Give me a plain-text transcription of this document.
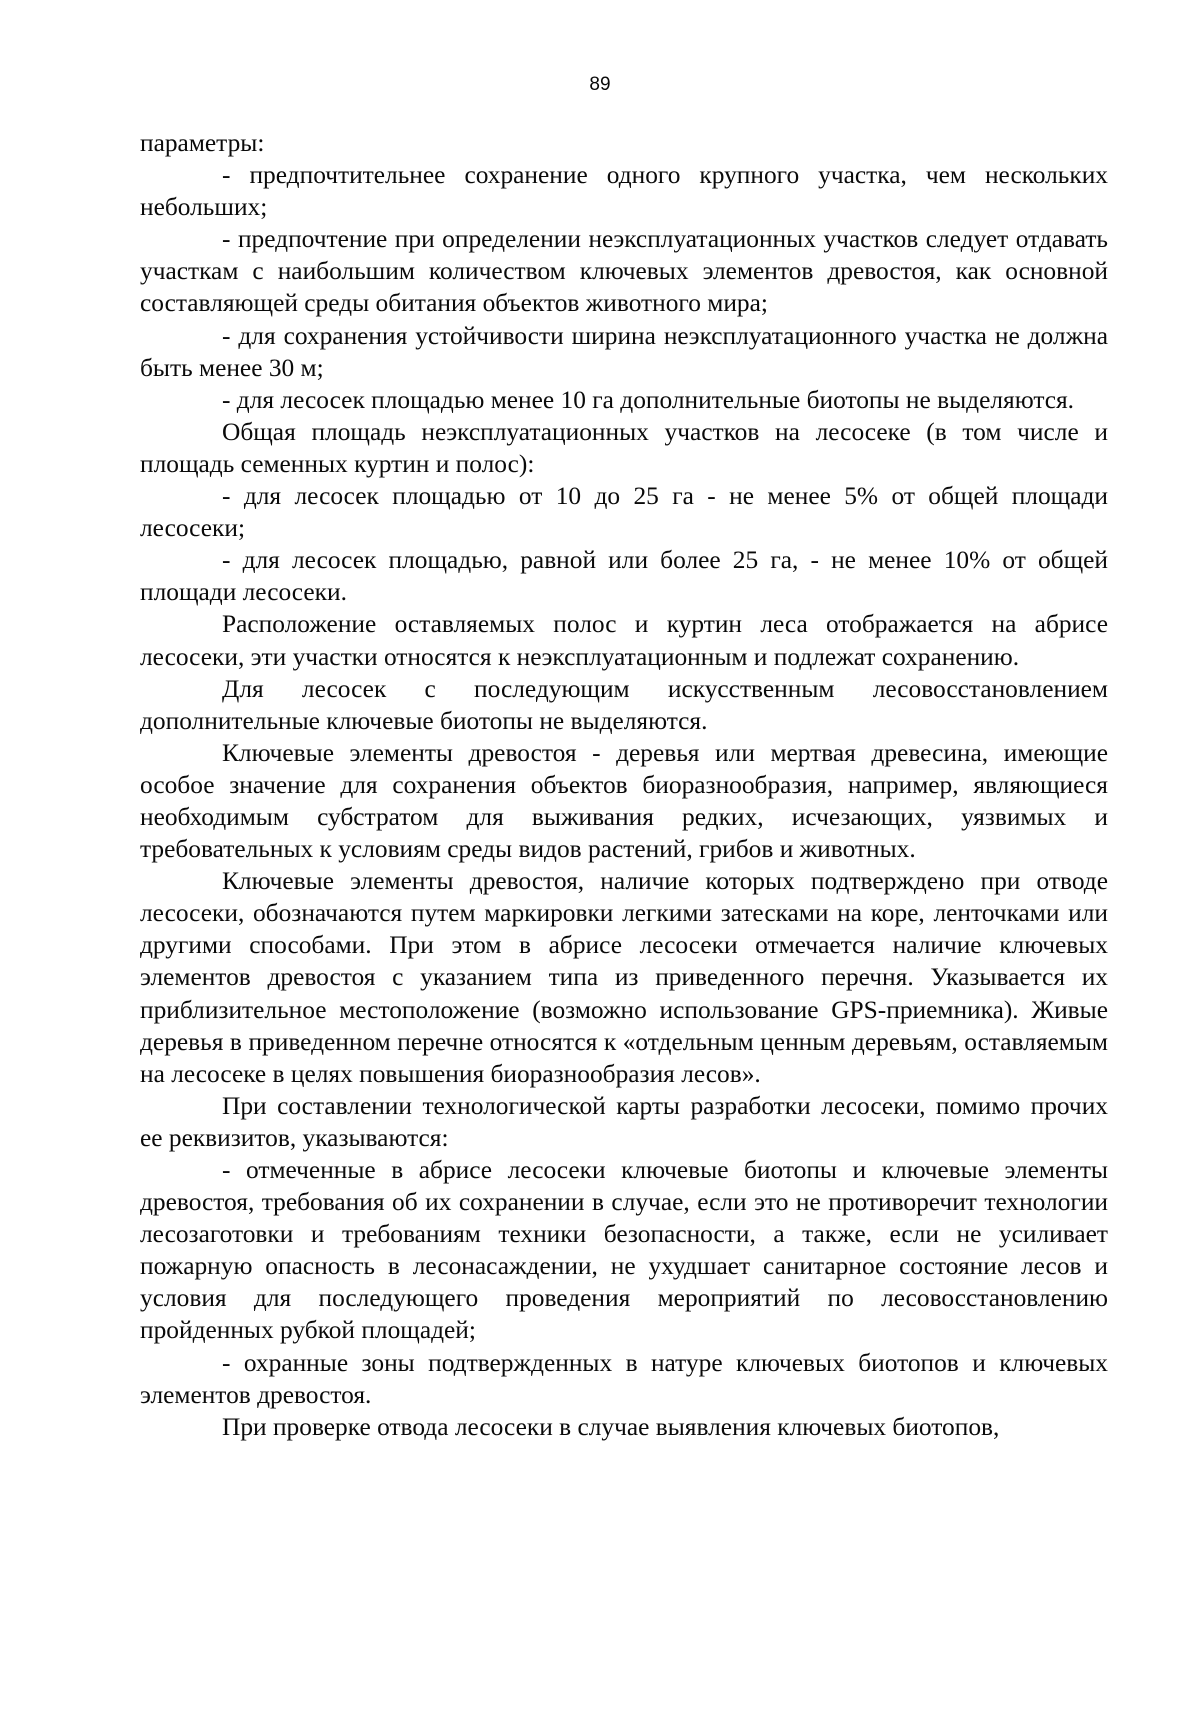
89

параметры:

- предпочтительнее сохранение одного крупного участка, чем нескольких небольших;

- предпочтение при определении неэксплуатационных участков следует отдавать участкам с наибольшим количеством ключевых элементов древостоя, как основной составляющей среды обитания объектов животного мира;

- для сохранения устойчивости ширина неэксплуатационного участка не должна быть менее 30 м;

- для лесосек площадью менее 10 га дополнительные биотопы не выделяются.

Общая площадь неэксплуатационных участков на лесосеке (в том числе и площадь семенных куртин и полос):

- для лесосек площадью от 10 до 25 га - не менее 5% от общей площади лесосеки;

- для лесосек площадью, равной или более 25 га, - не менее 10% от общей площади лесосеки.

Расположение оставляемых полос и куртин леса отображается на абрисе лесосеки, эти участки относятся к неэксплуатационным и подлежат сохранению.

Для лесосек с последующим искусственным лесовосстановлением дополнительные ключевые биотопы не выделяются.

Ключевые элементы древостоя - деревья или мертвая древесина, имеющие особое значение для сохранения объектов биоразнообразия, например, являющиеся необходимым субстратом для выживания редких, исчезающих, уязвимых и требовательных к условиям среды видов растений, грибов и животных.

Ключевые элементы древостоя, наличие которых подтверждено при отводе лесосеки, обозначаются путем маркировки легкими затесками на коре, ленточками или другими способами. При этом в абрисе лесосеки отмечается наличие ключевых элементов древостоя с указанием типа из приведенного перечня. Указывается их приблизительное местоположение (возможно использование GPS-приемника). Живые деревья в приведенном перечне относятся к «отдельным ценным деревьям, оставляемым на лесосеке в целях повышения биоразнообразия лесов».

При составлении технологической карты разработки лесосеки, помимо прочих ее реквизитов, указываются:

- отмеченные в абрисе лесосеки ключевые биотопы и ключевые элементы древостоя, требования об их сохранении в случае, если это не противоречит технологии лесозаготовки и требованиям техники безопасности, а также, если не усиливает пожарную опасность в лесонасаждении, не ухудшает санитарное состояние лесов и условия для последующего проведения мероприятий по лесовосстановлению пройденных рубкой площадей;

- охранные зоны подтвержденных в натуре ключевых биотопов и ключевых элементов древостоя.

При проверке отвода лесосеки в случае выявления ключевых биотопов,
